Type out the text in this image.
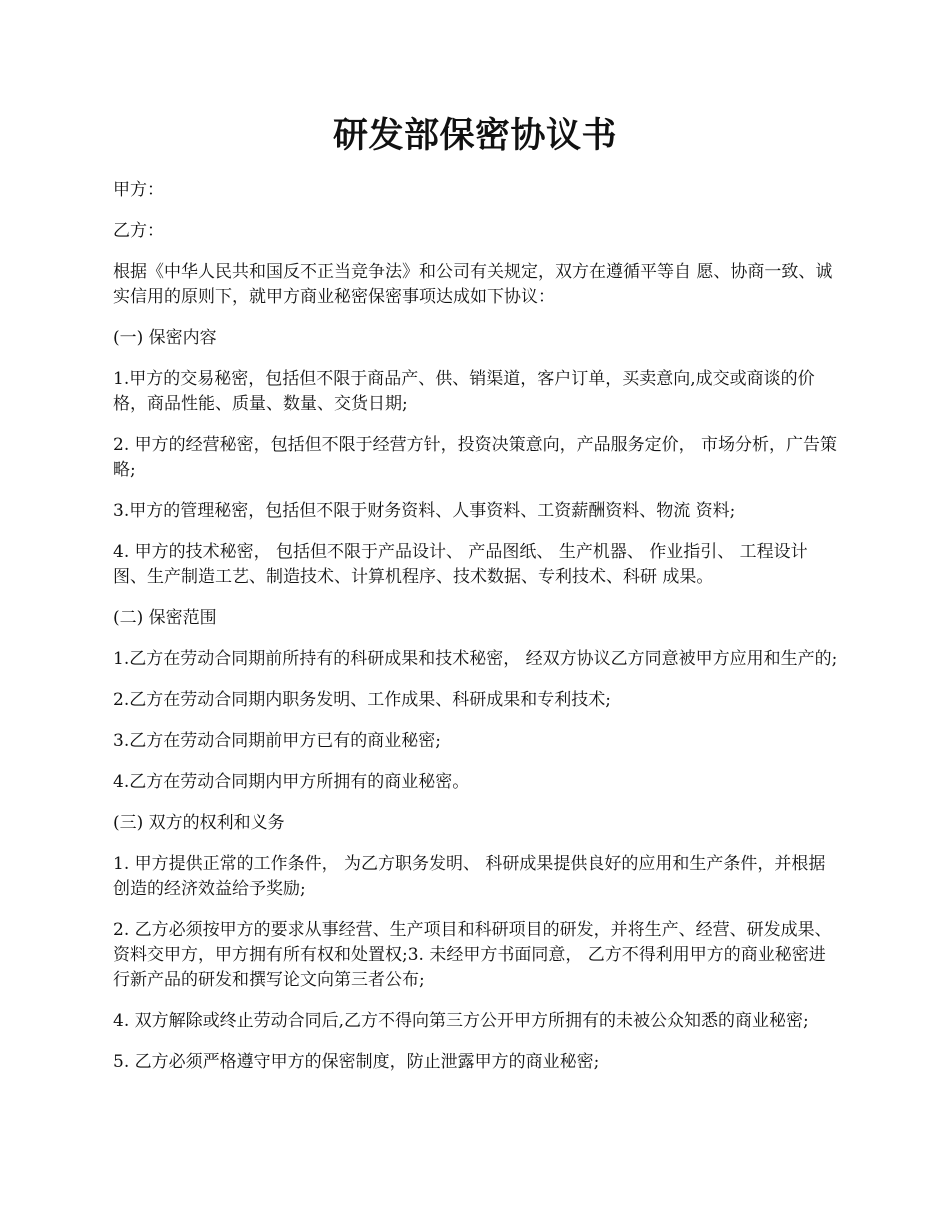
研发部保密协议书

甲方：

乙方：

根据《中华人民共和国反不正当竞争法》和公司有关规定，双方在遵循平等自 愿、协商一致、诚实信用的原则下，就甲方商业秘密保密事项达成如下协议：

(一) 保密内容

1.甲方的交易秘密，包括但不限于商品产、供、销渠道，客户订单，买卖意向,成交或商谈的价格，商品性能、质量、数量、交货日期;

2. 甲方的经营秘密，包括但不限于经营方针，投资决策意向，产品服务定价， 市场分析，广告策略;

3.甲方的管理秘密，包括但不限于财务资料、人事资料、工资薪酬资料、物流 资料;

4. 甲方的技术秘密， 包括但不限于产品设计、 产品图纸、 生产机器、 作业指引、 工程设计图、生产制造工艺、制造技术、计算机程序、技术数据、专利技术、科研 成果。

(二) 保密范围

1.乙方在劳动合同期前所持有的科研成果和技术秘密， 经双方协议乙方同意被甲方应用和生产的;

2.乙方在劳动合同期内职务发明、工作成果、科研成果和专利技术;

3.乙方在劳动合同期前甲方已有的商业秘密;

4.乙方在劳动合同期内甲方所拥有的商业秘密。

(三) 双方的权利和义务

1. 甲方提供正常的工作条件， 为乙方职务发明、 科研成果提供良好的应用和生产条件，并根据创造的经济效益给予奖励;

2. 乙方必须按甲方的要求从事经营、生产项目和科研项目的研发，并将生产、经营、研发成果、资料交甲方，甲方拥有所有权和处置权;3. 未经甲方书面同意， 乙方不得利用甲方的商业秘密进行新产品的研发和撰写论文向第三者公布;

4. 双方解除或终止劳动合同后,乙方不得向第三方公开甲方所拥有的未被公众知悉的商业秘密;

5. 乙方必须严格遵守甲方的保密制度，防止泄露甲方的商业秘密;
